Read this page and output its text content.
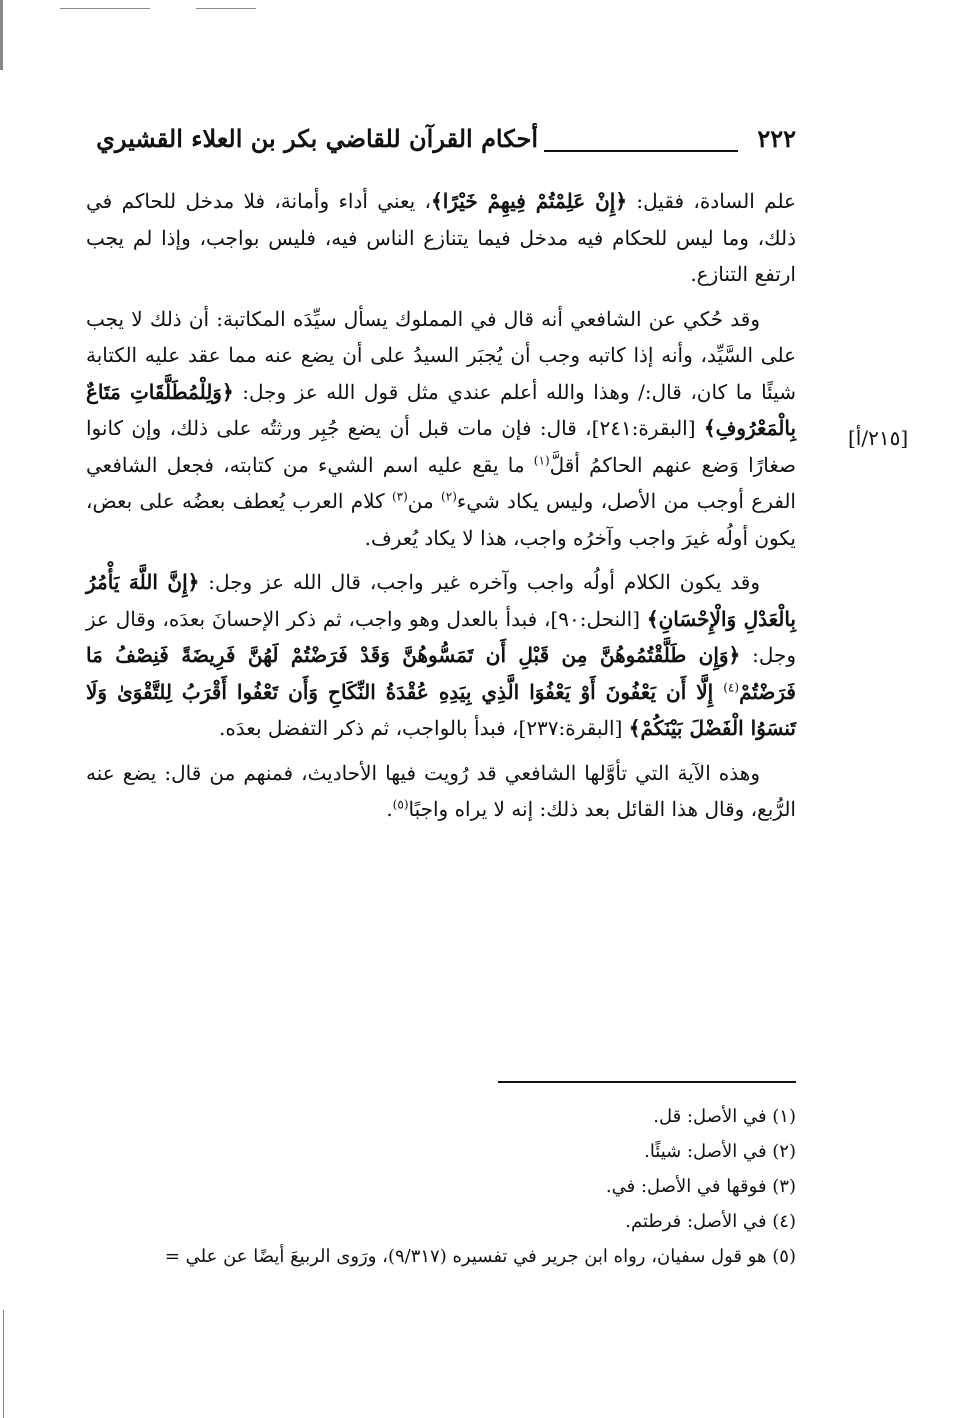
٢٢٢
أحكام القرآن للقاضي بكر بن العلاء القشيري
[٢١٥/أ]

علم السادة، فقيل: ﴿إِنْ عَلِمْتُمْ فِيهِمْ خَيْرًا﴾، يعني أداء وأمانة، فلا مدخل للحاكم في ذلك، وما ليس للحكام فيه مدخل فيما يتنازع الناس فيه، فليس بواجب، وإذا لم يجب ارتفع التنازع.

وقد حُكي عن الشافعي أنه قال في المملوك يسأل سيِّدَه المكاتبة: أن ذلك لا يجب على السَّيِّد، وأنه إذا كاتبه وجب أن يُجبَر السيدُ على أن يضع عنه مما عقد عليه الكتابة شيئًا ما كان، قال:/ وهذا والله أعلم عندي مثل قول الله عز وجل: ﴿وَلِلْمُطَلَّقَاتِ مَتَاعٌ بِالْمَعْرُوفِ﴾ [البقرة:٢٤١]، قال: فإن مات قبل أن يضع جُبِر ورثتُه على ذلك، وإن كانوا صغارًا وَضع عنهم الحاكمُ أقلَّ$^{(١)}$ ما يقع عليه اسم الشيء من كتابته، فجعل الشافعي الفرع أوجب من الأصل، وليس يكاد شيء$^{(٢)}$ من$^{(٣)}$ كلام العرب يُعطف بعضُه على بعض، يكون أولُه غيرَ واجب وآخرُه واجب، هذا لا يكاد يُعرف.

وقد يكون الكلام أولُه واجب وآخره غير واجب، قال الله عز وجل: ﴿إِنَّ اللَّهَ يَأْمُرُ بِالْعَدْلِ وَالْإِحْسَانِ﴾ [النحل:٩٠]، فبدأ بالعدل وهو واجب، ثم ذكر الإحسانَ بعدَه، وقال عز وجل: ﴿وَإِن طَلَّقْتُمُوهُنَّ مِن قَبْلِ أَن تَمَسُّوهُنَّ وَقَدْ فَرَضْتُمْ لَهُنَّ فَرِيضَةً فَنِصْفُ مَا فَرَضْتُمْ$^{(٤)}$ إِلَّا أَن يَعْفُونَ أَوْ يَعْفُوَا الَّذِي بِيَدِهِ عُقْدَةُ النِّكَاحِ وَأَن تَعْفُوا أَقْرَبُ لِلتَّقْوَىٰ وَلَا تَنسَوُا الْفَضْلَ بَيْنَكُمْ﴾ [البقرة:٢٣٧]، فبدأ بالواجب، ثم ذكر التفضل بعدَه.

وهذه الآية التي تأوَّلها الشافعي قد رُويت فيها الأحاديث، فمنهم من قال: يضع عنه الرُّبع، وقال هذا القائل بعد ذلك: إنه لا يراه واجبًا$^{(٥)}$.

(١) في الأصل: قل.

(٢) في الأصل: شيئًا.

(٣) فوقها في الأصل: في.

(٤) في الأصل: فرطتم.

(٥) هو قول سفيان، رواه ابن جرير في تفسيره (٩/٣١٧)، ورَوى الربيعَ أيضًا عن علي =
